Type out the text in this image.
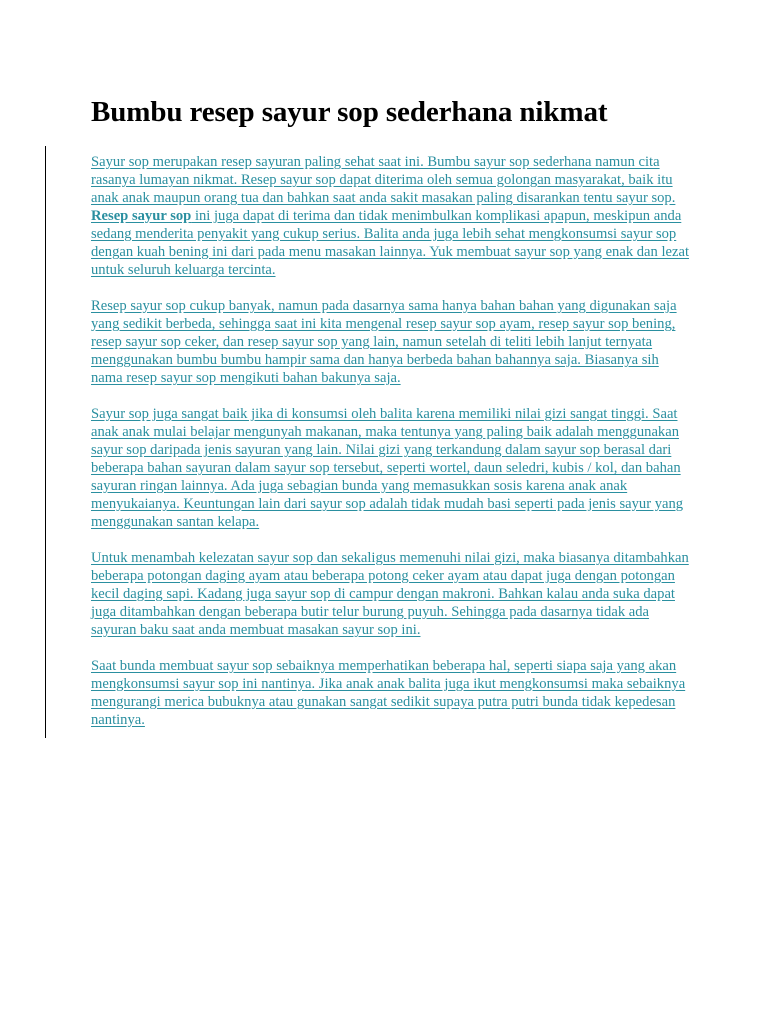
Bumbu resep sayur sop sederhana nikmat

Sayur sop merupakan resep sayuran paling sehat saat ini. Bumbu sayur sop sederhana namun cita rasanya lumayan nikmat. Resep sayur sop dapat diterima oleh semua golongan masyarakat, baik itu anak anak maupun orang tua dan bahkan saat anda sakit masakan paling disarankan tentu sayur sop. Resep sayur sop ini juga dapat di terima dan tidak menimbulkan komplikasi apapun, meskipun anda sedang menderita penyakit yang cukup serius. Balita anda juga lebih sehat mengkonsumsi sayur sop dengan kuah bening ini dari pada menu masakan lainnya. Yuk membuat sayur sop yang enak dan lezat untuk seluruh keluarga tercinta.

Resep sayur sop cukup banyak, namun pada dasarnya sama hanya bahan bahan yang digunakan saja yang sedikit berbeda, sehingga saat ini kita mengenal resep sayur sop ayam, resep sayur sop bening, resep sayur sop ceker, dan resep sayur sop yang lain, namun setelah di teliti lebih lanjut ternyata menggunakan bumbu bumbu hampir sama dan hanya berbeda bahan bahannya saja. Biasanya sih nama resep sayur sop mengikuti bahan bakunya saja.

Sayur sop juga sangat baik jika di konsumsi oleh balita karena memiliki nilai gizi sangat tinggi. Saat anak anak mulai belajar mengunyah makanan, maka tentunya yang paling baik adalah menggunakan sayur sop daripada jenis sayuran yang lain. Nilai gizi yang terkandung dalam sayur sop berasal dari beberapa bahan sayuran dalam sayur sop tersebut, seperti wortel, daun seledri, kubis / kol, dan bahan sayuran ringan lainnya. Ada juga sebagian bunda yang memasukkan sosis karena anak anak menyukaianya. Keuntungan lain dari sayur sop adalah tidak mudah basi seperti pada jenis sayur yang menggunakan santan kelapa.

Untuk menambah kelezatan sayur sop dan sekaligus memenuhi nilai gizi, maka biasanya ditambahkan beberapa potongan daging ayam atau beberapa potong ceker ayam atau dapat juga dengan potongan kecil daging sapi. Kadang juga sayur sop di campur dengan makroni. Bahkan kalau anda suka dapat juga ditambahkan dengan beberapa butir telur burung puyuh. Sehingga pada dasarnya tidak ada sayuran baku saat anda membuat masakan sayur sop ini.

Saat bunda membuat sayur sop sebaiknya memperhatikan beberapa hal, seperti siapa saja yang akan mengkonsumsi sayur sop ini nantinya. Jika anak anak balita juga ikut mengkonsumsi maka sebaiknya mengurangi merica bubuknya atau gunakan sangat sedikit supaya putra putri bunda tidak kepedesan nantinya.
